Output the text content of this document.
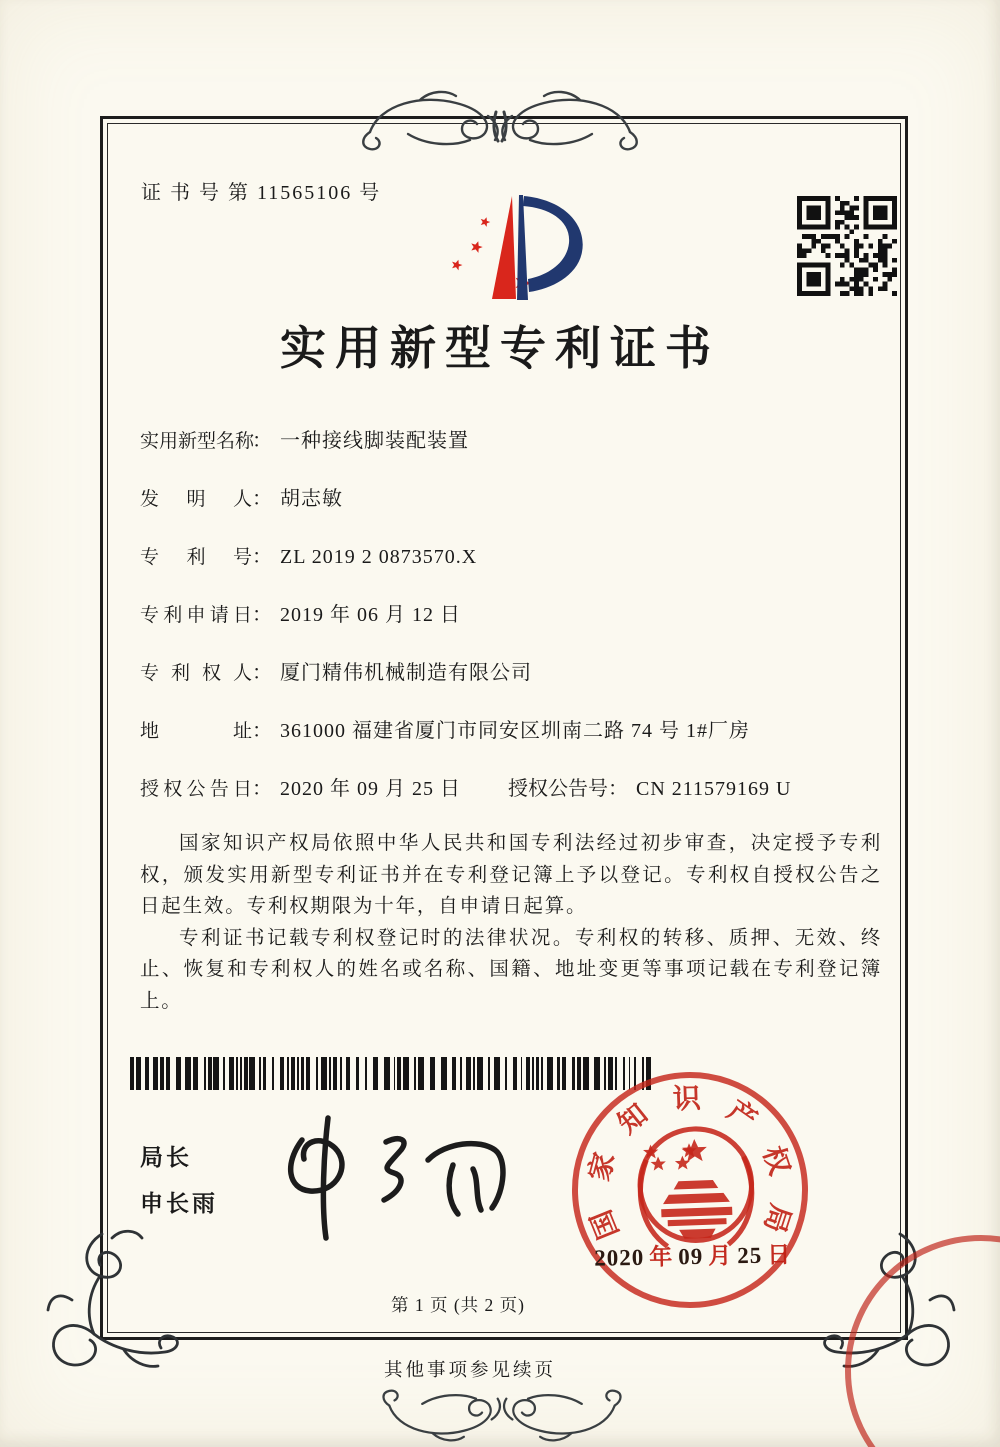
证 书 号 第 11565106 号
实用新型专利证书
实用新型名称： 一种接线脚装配装置
发明人： 胡志敏
专利号： ZL 2019 2 0873570.X
专利申请日： 2019 年 06 月 12 日
专利权人： 厦门精伟机械制造有限公司
地址： 361000 福建省厦门市同安区圳南二路 74 号 1#厂房
授权公告日： 2020 年 09 月 25 日 授权公告号： CN 211579169 U

国家知识产权局依照中华人民共和国专利法经过初步审查，决定授予专利权，颁发实用新型专利证书并在专利登记簿上予以登记。专利权自授权公告之日起生效。专利权期限为十年，自申请日起算。

专利证书记载专利权登记时的法律状况。专利权的转移、质押、无效、终止、恢复和专利权人的姓名或名称、国籍、地址变更等事项记载在专利登记簿上。

局长
申长雨
国
家
知 识 产
权
局
2020 年 09 月 25 日
第 1 页 (共 2 页)
其他事项参见续页
